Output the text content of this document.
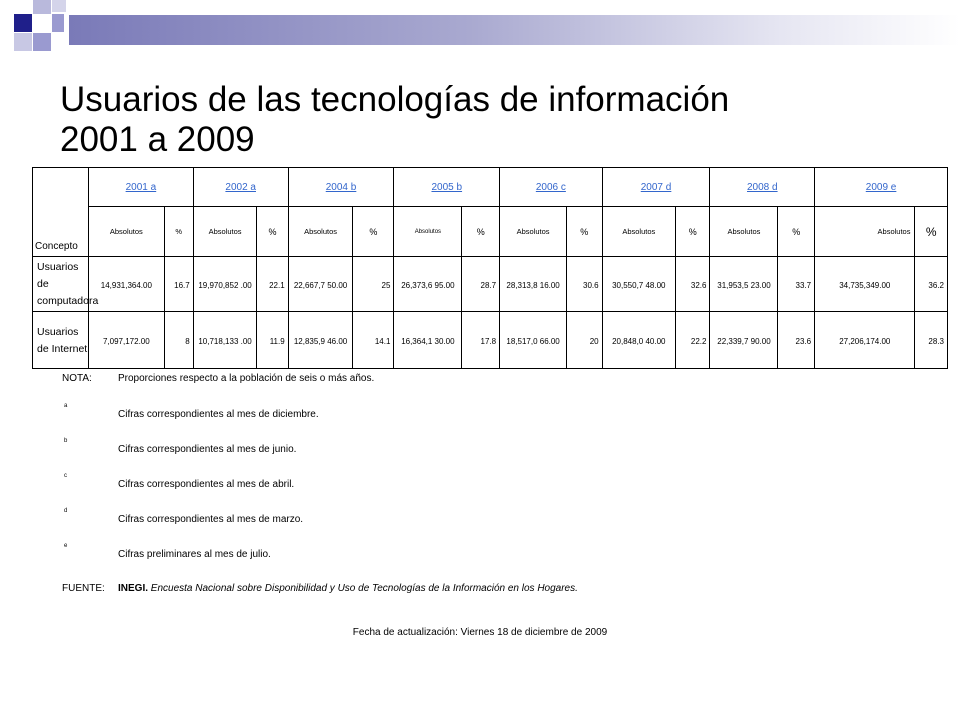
Usuarios de las tecnologías de información
2001 a 2009
Concepto	2001 a		2002 a		2004 b		2005 b		2006 c		2007 d		2008 d		2009 e	
	Absolutos	%	Absolutos	%	Absolutos	%	Absolutos	%	Absolutos	%	Absolutos	%	Absolutos	%	Absolutos	%
Usuarios de computadora	14,931,364.00	16.7	19,970,852 .00	22.1	22,667,7 50.00	25	26,373,6 95.00	28.7	28,313,8 16.00	30.6	30,550,7 48.00	32.6	31,953,5 23.00	33.7	34,735,349.00	36.2
Usuarios de Internet	7,097,172.00	8	10,718,133 .00	11.9	12,835,9 46.00	14.1	16,364,1 30.00	17.8	18,517,0 66.00	20	20,848,0 40.00	22.2	22,339,7 90.00	23.6	27,206,174.00	28.3
NOTA:	Proporciones respecto a la población de seis o más años.
a
Cifras correspondientes al mes de diciembre.
b
Cifras correspondientes al mes de junio.
c
Cifras correspondientes al mes de abril.
d
Cifras correspondientes al mes de marzo.
e
Cifras preliminares al mes de julio.
FUENTE: INEGI. Encuesta Nacional sobre Disponibilidad y Uso de Tecnologías de la Información en los Hogares.
Fecha de actualización: Viernes 18 de diciembre de 2009
